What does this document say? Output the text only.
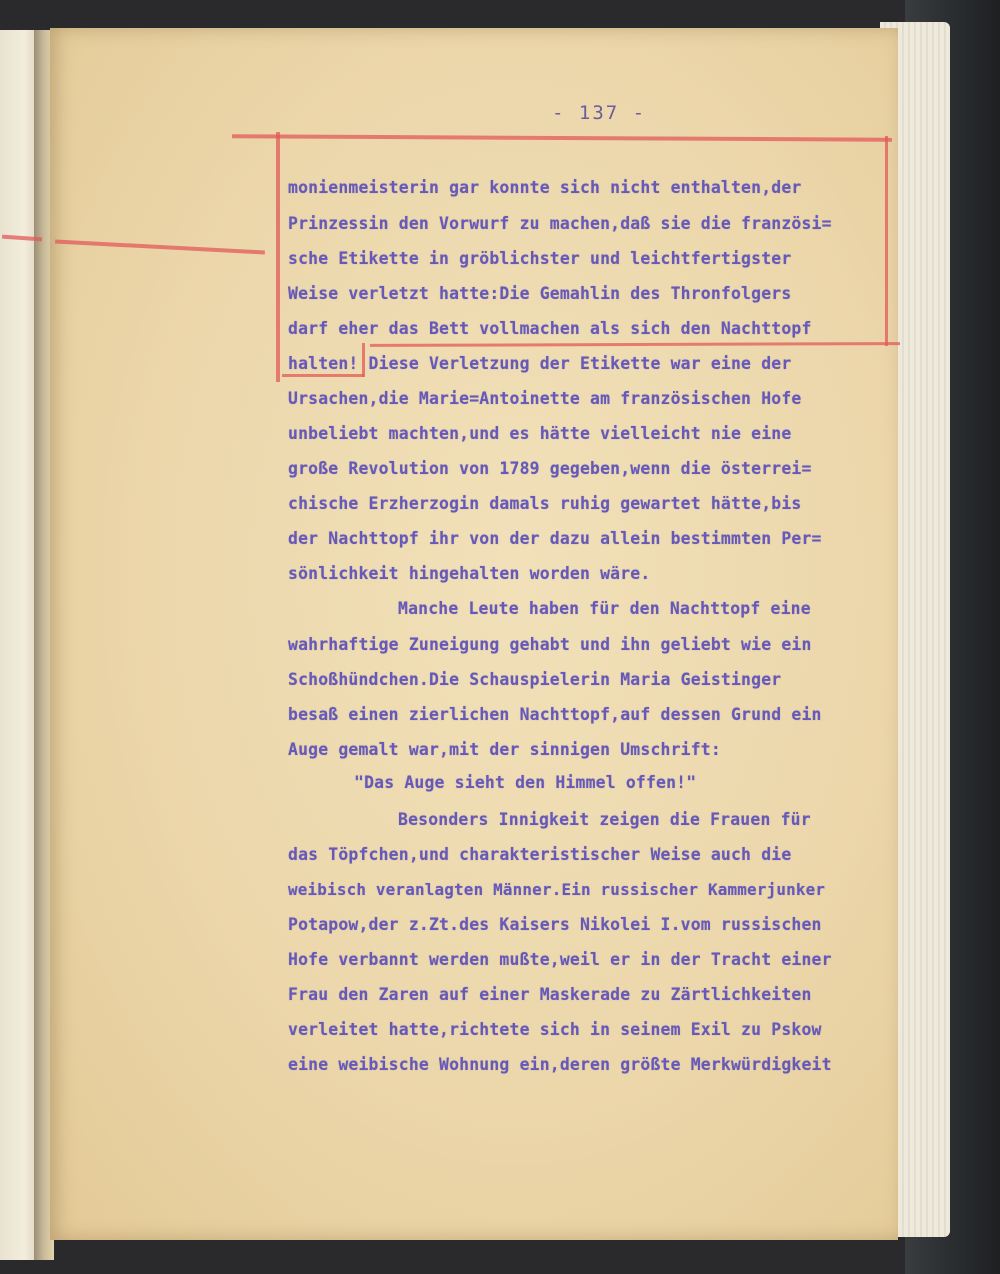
- 137 -
monienmeisterin gar konnte sich nicht enthalten,der
Prinzessin den Vorwurf zu machen,daß sie die französi=
sche Etikette in gröblichster und leichtfertigster
Weise verletzt hatte:Die Gemahlin des Thronfolgers
darf eher das Bett vollmachen als sich den Nachttopf
halten! Diese Verletzung der Etikette war eine der
Ursachen,die Marie=Antoinette am französischen Hofe
unbeliebt machten,und es hätte vielleicht nie eine
große Revolution von 1789 gegeben,wenn die österrei=
chische Erzherzogin damals ruhig gewartet hätte,bis
der Nachttopf ihr von der dazu allein bestimmten Per=
sönlichkeit hingehalten worden wäre.
Manche Leute haben für den Nachttopf eine
wahrhaftige Zuneigung gehabt und ihn geliebt wie ein
Schoßhündchen.Die Schauspielerin Maria Geistinger
besaß einen zierlichen Nachttopf,auf dessen Grund ein
Auge gemalt war,mit der sinnigen Umschrift:
"Das Auge sieht den Himmel offen!"
Besonders Innigkeit zeigen die Frauen für
das Töpfchen,und charakteristischer Weise auch die
weibisch veranlagten Männer.Ein russischer Kammerjunker
Potapow,der z.Zt.des Kaisers Nikolei I.vom russischen
Hofe verbannt werden mußte,weil er in der Tracht einer
Frau den Zaren auf einer Maskerade zu Zärtlichkeiten
verleitet hatte,richtete sich in seinem Exil zu Pskow
eine weibische Wohnung ein,deren größte Merkwürdigkeit
